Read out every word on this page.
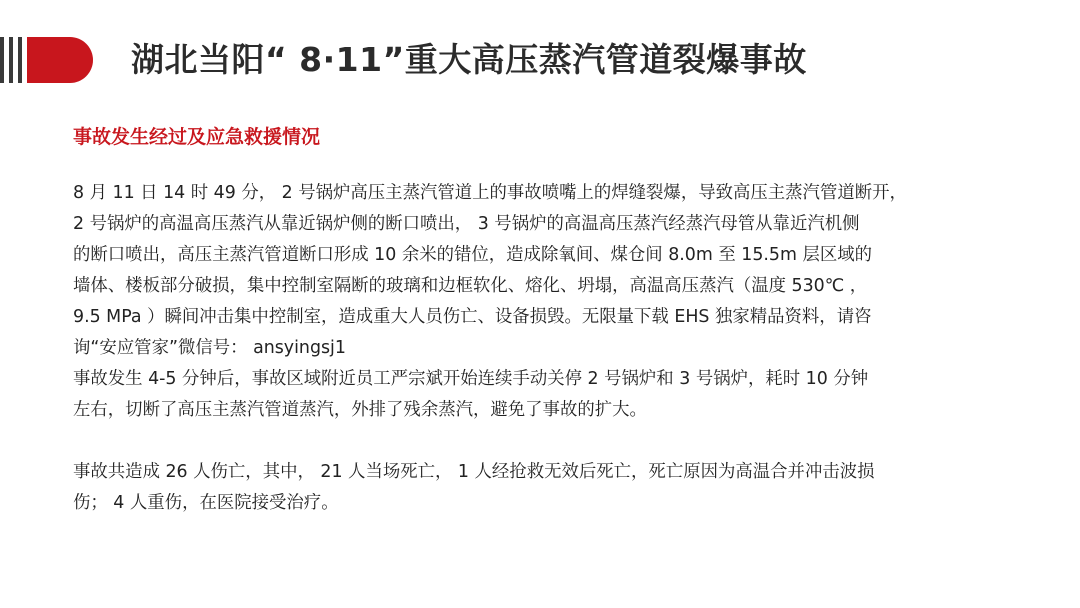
湖北当阳“ 8·11”重大高压蒸汽管道裂爆事故
事故发生经过及应急救援情况
8 月 11 日 14 时 49 分， 2 号锅炉高压主蒸汽管道上的事故喷嘴上的焊缝裂爆，导致高压主蒸汽管道断开，
2 号锅炉的高温高压蒸汽从靠近锅炉侧的断口喷出， 3 号锅炉的高温高压蒸汽经蒸汽母管从靠近汽机侧
的断口喷出，高压主蒸汽管道断口形成 10 余米的错位，造成除氧间、煤仓间 8.0m 至 15.5m 层区域的
墙体、楼板部分破损，集中控制室隔断的玻璃和边框软化、熔化、坍塌，高温高压蒸汽（温度 530℃ ，
9.5 MPa ）瞬间冲击集中控制室，造成重大人员伤亡、设备损毁。无限量下载 EHS 独家精品资料，请咨
询“安应管家”微信号： ansyingsj1
事故发生 4-5 分钟后，事故区域附近员工严宗斌开始连续手动关停 2 号锅炉和 3 号锅炉，耗时 10 分钟
左右，切断了高压主蒸汽管道蒸汽，外排了残余蒸汽，避免了事故的扩大。
事故共造成 26 人伤亡，其中， 21 人当场死亡， 1 人经抢救无效后死亡，死亡原因为高温合并冲击波损
伤； 4 人重伤，在医院接受治疗。
